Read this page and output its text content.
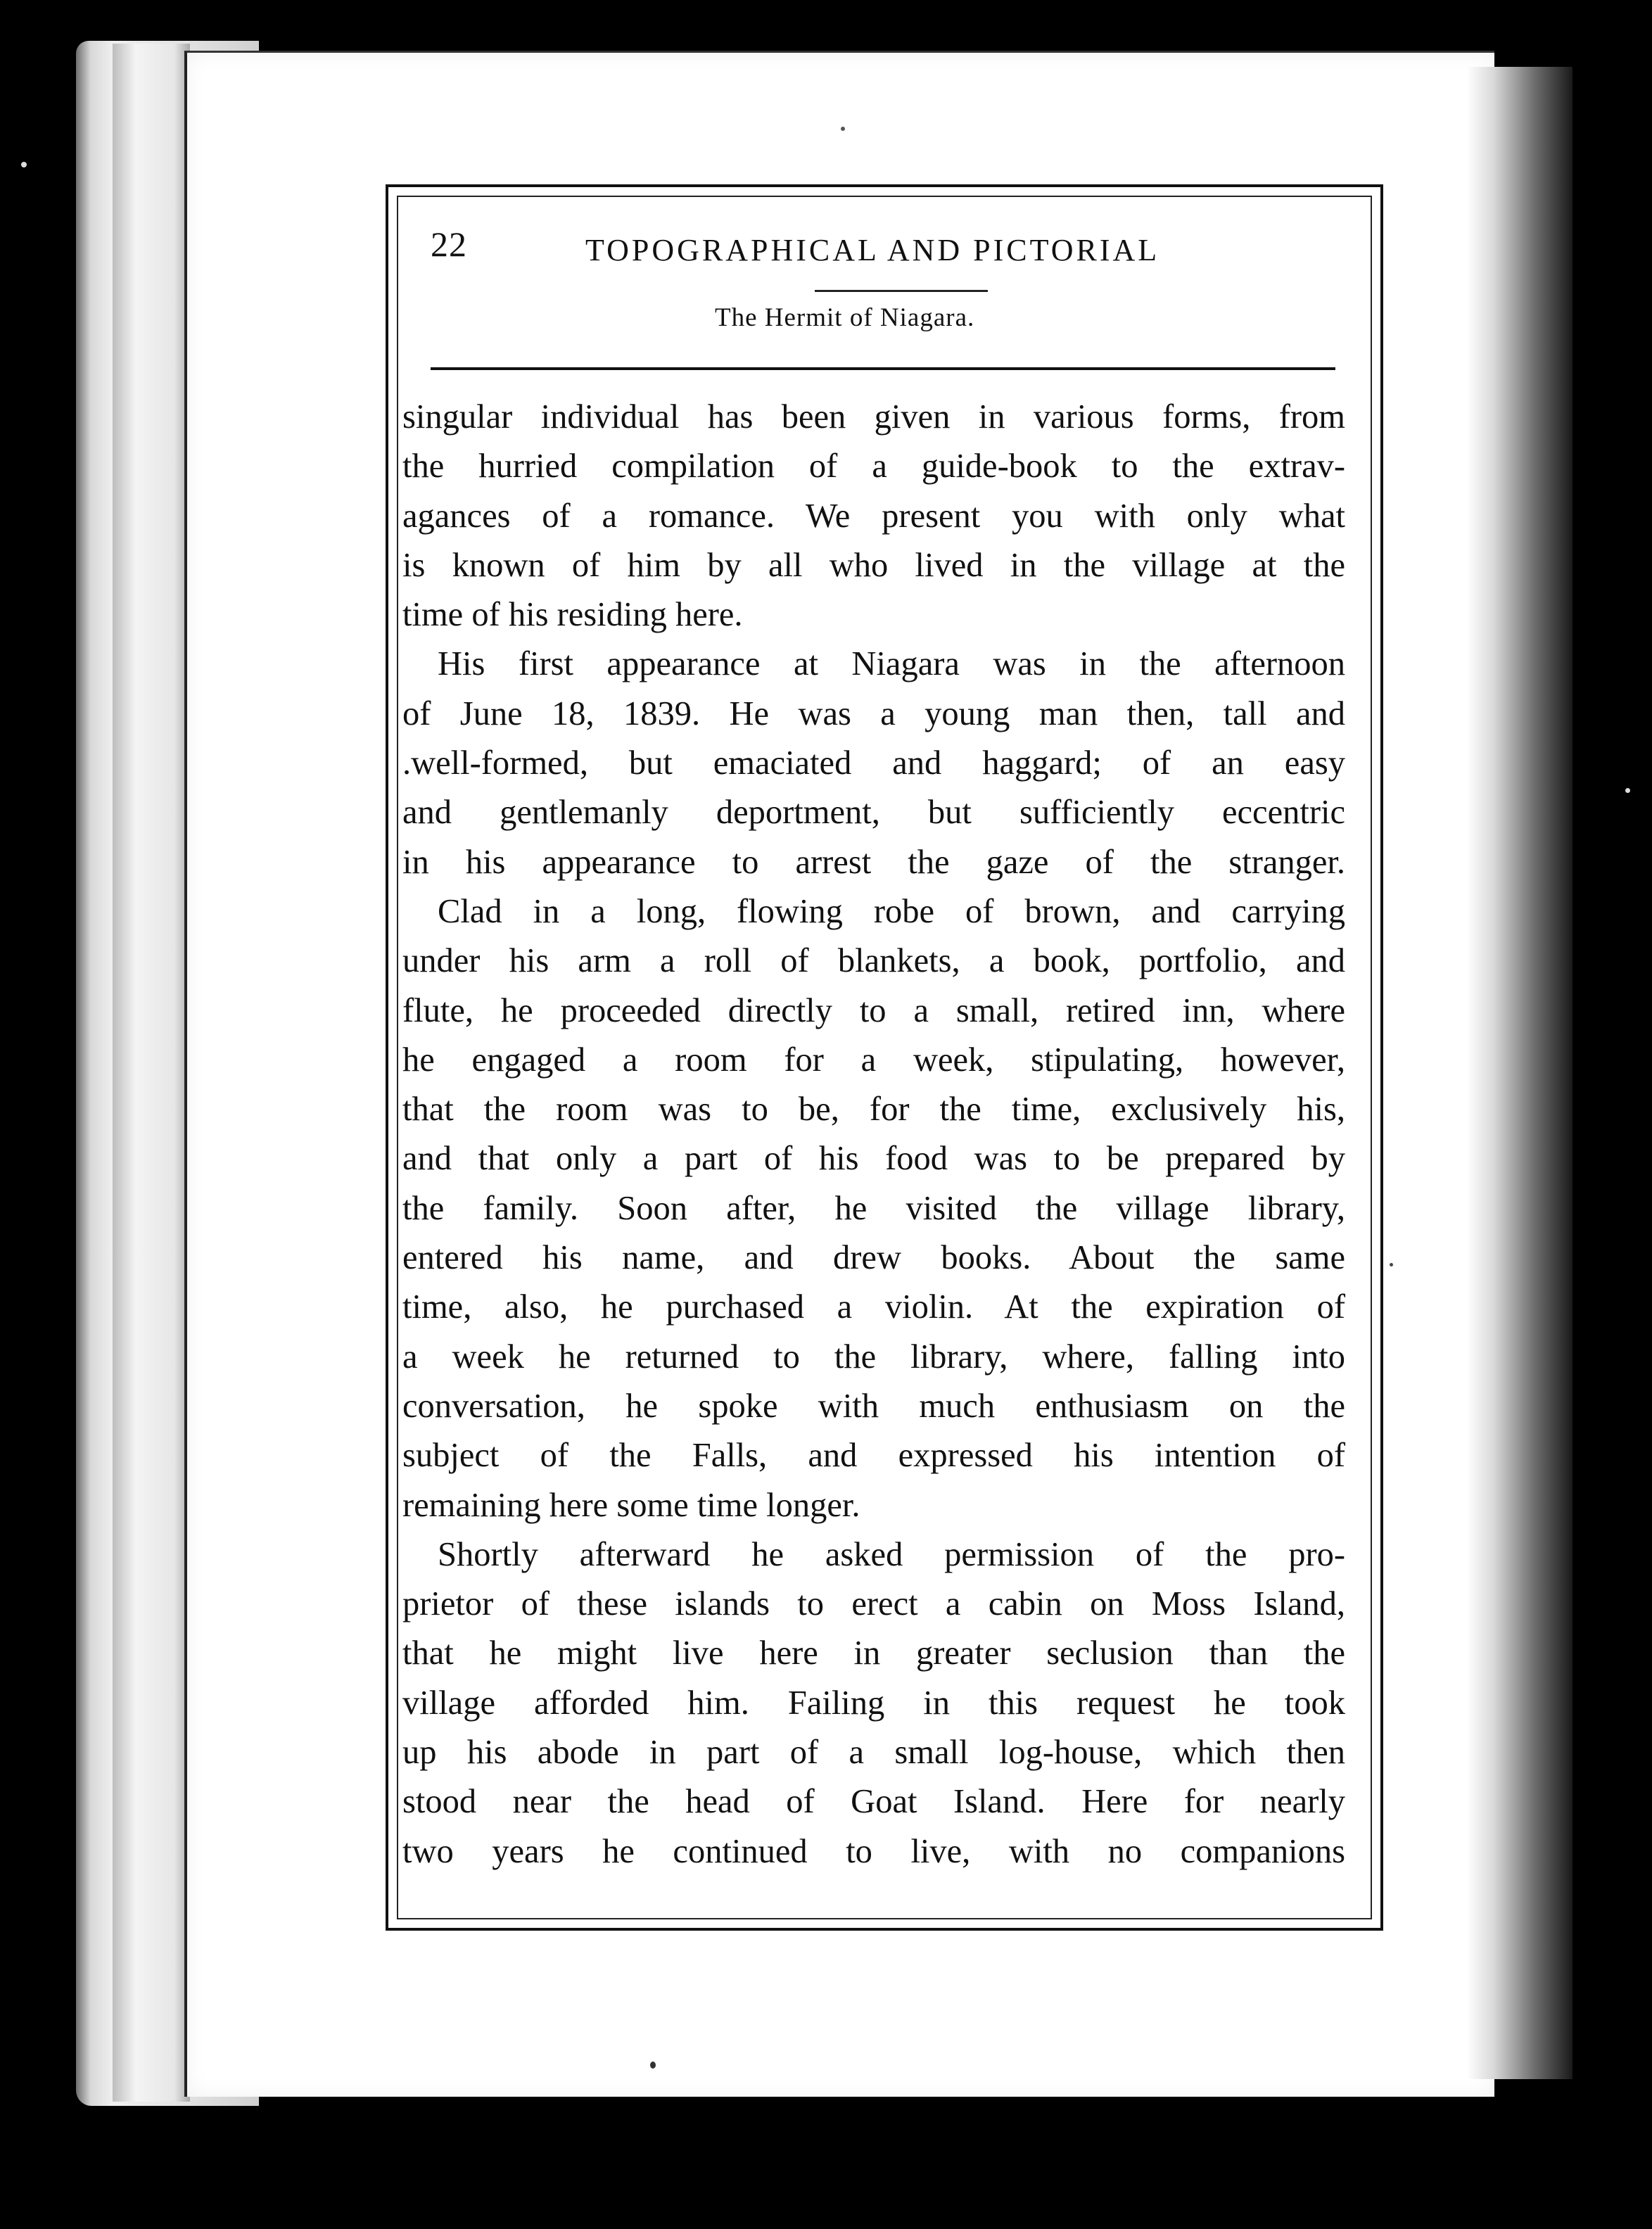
22	TOPOGRAPHICAL AND PICTORIAL
The Hermit of Niagara.
singular individual has been given in various forms, from
the hurried compilation of a guide-book to the extrav-
agances of a romance. We present you with only what
is known of him by all who lived in the village at the
time of his residing here.
His first appearance at Niagara was in the afternoon
of June 18, 1839. He was a young man then, tall and
.well-formed, but emaciated and haggard; of an easy
and gentlemanly deportment, but sufficiently eccentric
in his appearance to arrest the gaze of the stranger.
Clad in a long, flowing robe of brown, and carrying
under his arm a roll of blankets, a book, portfolio, and
flute, he proceeded directly to a small, retired inn, where
he engaged a room for a week, stipulating, however,
that the room was to be, for the time, exclusively his,
and that only a part of his food was to be prepared by
the family. Soon after, he visited the village library,
entered his name, and drew books. About the same
time, also, he purchased a violin. At the expiration of
a week he returned to the library, where, falling into
conversation, he spoke with much enthusiasm on the
subject of the Falls, and expressed his intention of
remaining here some time longer.
Shortly afterward he asked permission of the pro-
prietor of these islands to erect a cabin on Moss Island,
that he might live here in greater seclusion than the
village afforded him. Failing in this request he took
up his abode in part of a small log-house, which then
stood near the head of Goat Island. Here for nearly
two years he continued to live, with no companions
